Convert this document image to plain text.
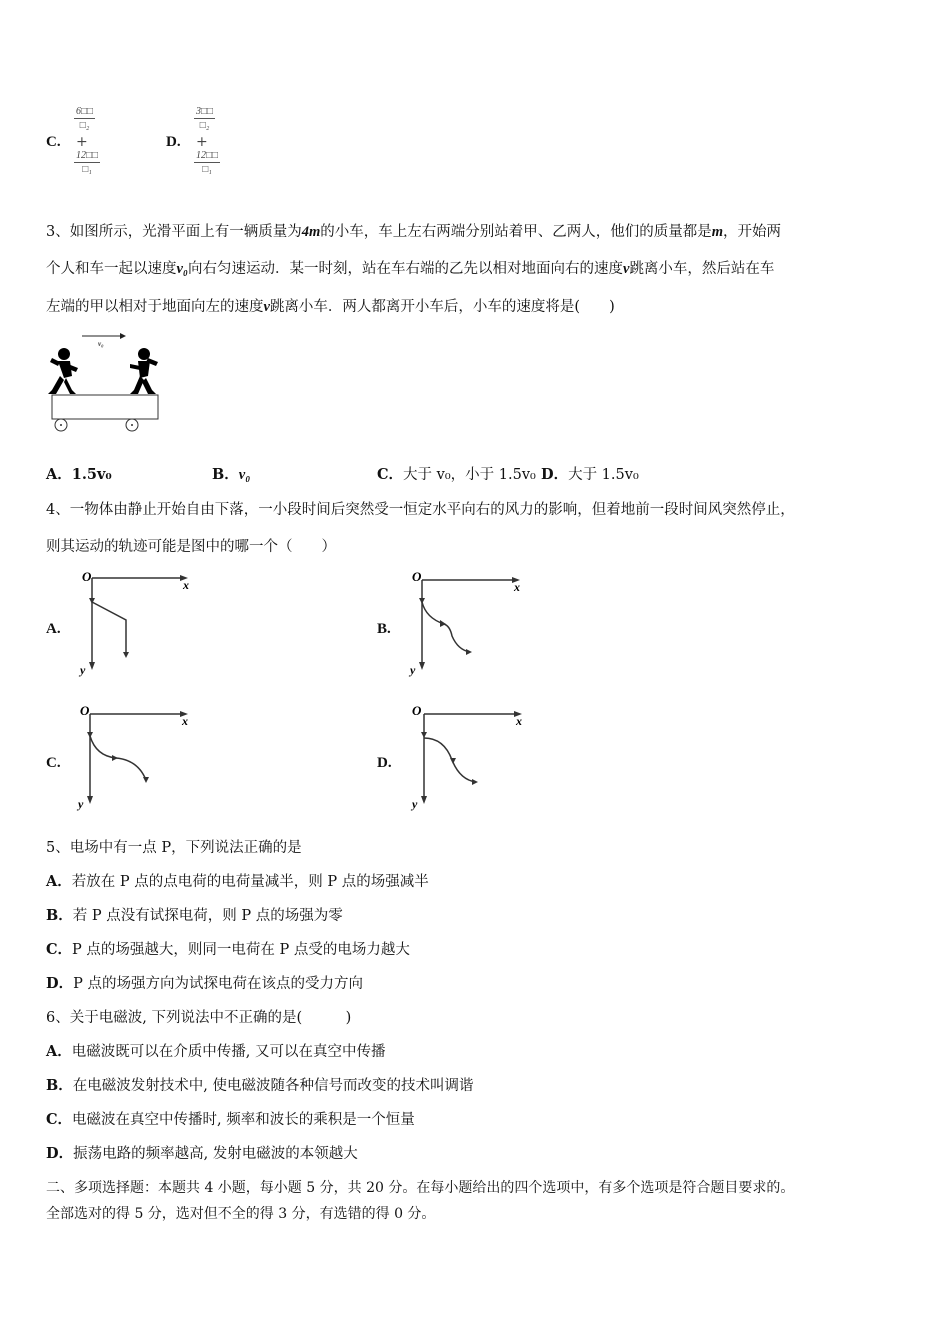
C.
$\frac{6□□}{\text{□₂}}$
+
$\frac{12□□}{\text{□₁}}$
D.
$\frac{3□□}{\text{□₂}}$
+
$\frac{12□□}{\text{□₁}}$
3、如图所示，光滑平面上有一辆质量为4m的小车，车上左右两端分别站着甲、乙两人，他们的质量都是m，开始两
个人和车一起以速度v₀向右匀速运动．某一时刻，站在车右端的乙先以相对地面向右的速度v跳离小车，然后站在车
左端的甲以相对于地面向左的速度v跳离小车．两人都离开小车后，小车的速度将是(　　)
v₀
A．1.5v₀	B．v₀	C．大于 v₀，小于 1.5v₀ D．大于 1.5v₀
4、一物体由静止开始自由下落，一小段时间后突然受一恒定水平向右的风力的影响，但着地前一段时间风突然停止，
则其运动的轨迹可能是图中的哪一个（　　）
A.
O
x
y
B.
O
x
y
C.
O
x
y
D.
O
x
y
5、电场中有一点 P，下列说法正确的是
A．若放在 P 点的点电荷的电荷量减半，则 P 点的场强减半
B．若 P 点没有试探电荷，则 P 点的场强为零
C．P 点的场强越大，则同一电荷在 P 点受的电场力越大
D．P 点的场强方向为试探电荷在该点的受力方向
6、关于电磁波, 下列说法中不正确的是(　　　)
A．电磁波既可以在介质中传播, 又可以在真空中传播
B．在电磁波发射技术中, 使电磁波随各种信号而改变的技术叫调谐
C．电磁波在真空中传播时, 频率和波长的乘积是一个恒量
D．振荡电路的频率越高, 发射电磁波的本领越大
二、多项选择题：本题共 4 小题，每小题 5 分，共 20 分。在每小题给出的四个选项中，有多个选项是符合题目要求的。
全部选对的得 5 分，选对但不全的得 3 分，有选错的得 0 分。
